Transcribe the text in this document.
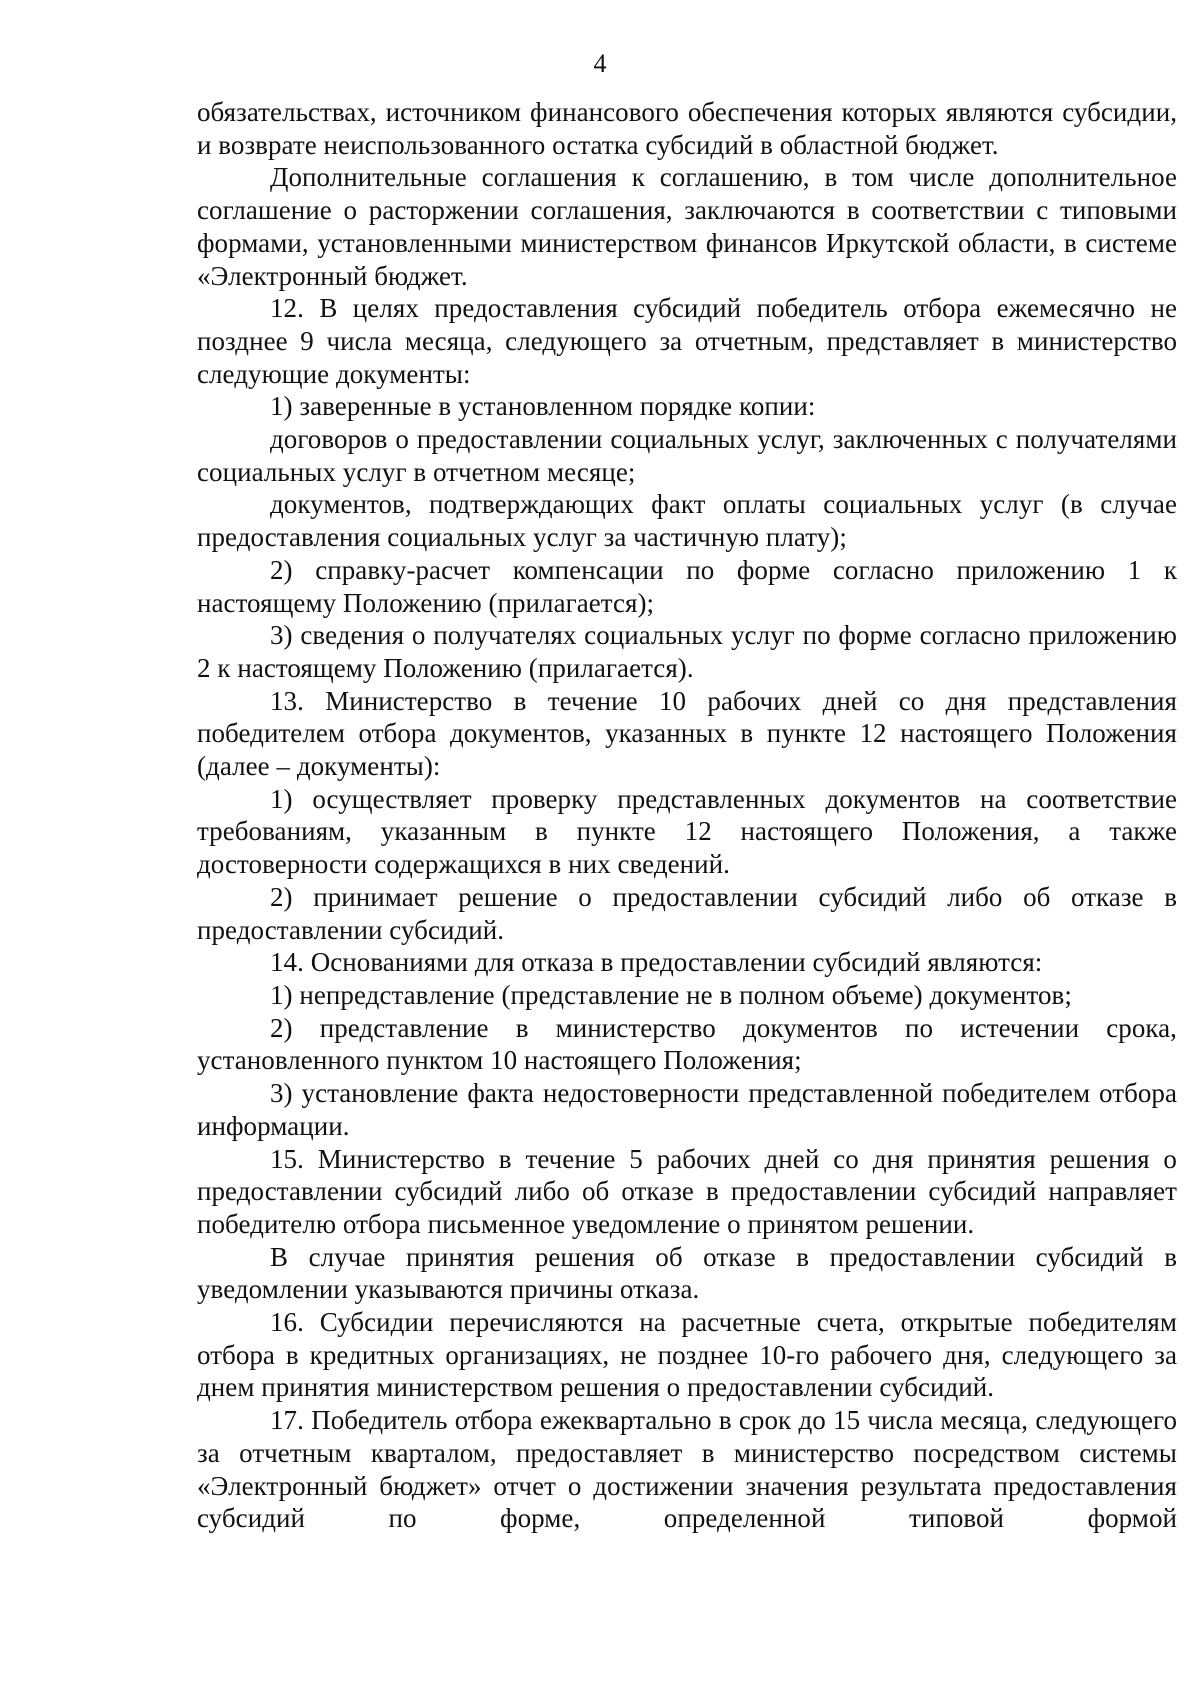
4

обязательствах, источником финансового обеспечения которых являются субсидии, и возврате неиспользованного остатка субсидий в областной бюджет.

Дополнительные соглашения к соглашению, в том числе дополнительное соглашение о расторжении соглашения, заключаются в соответствии с типовыми формами, установленными министерством финансов Иркутской области, в системе «Электронный бюджет.

12. В целях предоставления субсидий победитель отбора ежемесячно не позднее 9 числа месяца, следующего за отчетным, представляет в министерство следующие документы:

1) заверенные в установленном порядке копии:

договоров о предоставлении социальных услуг, заключенных с получателями социальных услуг в отчетном месяце;

документов, подтверждающих факт оплаты социальных услуг (в случае предоставления социальных услуг за частичную плату);

2) справку-расчет компенсации по форме согласно приложению 1 к настоящему Положению (прилагается);

3) сведения о получателях социальных услуг по форме согласно приложению 2 к настоящему Положению (прилагается).

13. Министерство в течение 10 рабочих дней со дня представления победителем отбора документов, указанных в пункте 12 настоящего Положения (далее – документы):

1) осуществляет проверку представленных документов на соответствие требованиям, указанным в пункте 12 настоящего Положения, а также достоверности содержащихся в них сведений.

2) принимает решение о предоставлении субсидий либо об отказе в предоставлении субсидий.

14. Основаниями для отказа в предоставлении субсидий являются:

1) непредставление (представление не в полном объеме) документов;

2) представление в министерство документов по истечении срока, установленного пунктом 10 настоящего Положения;

3) установление факта недостоверности представленной победителем отбора информации.

15. Министерство в течение 5 рабочих дней со дня принятия решения о предоставлении субсидий либо об отказе в предоставлении субсидий направляет победителю отбора письменное уведомление о принятом решении.

В случае принятия решения об отказе в предоставлении субсидий в уведомлении указываются причины отказа.

16. Субсидии перечисляются на расчетные счета, открытые победителям отбора в кредитных организациях, не позднее 10-го рабочего дня, следующего за днем принятия министерством решения о предоставлении субсидий.

17. Победитель отбора ежеквартально в срок до 15 числа месяца, следующего за отчетным кварталом, предоставляет в министерство посредством системы «Электронный бюджет» отчет о достижении значения результата предоставления субсидий по форме, определенной типовой формой
